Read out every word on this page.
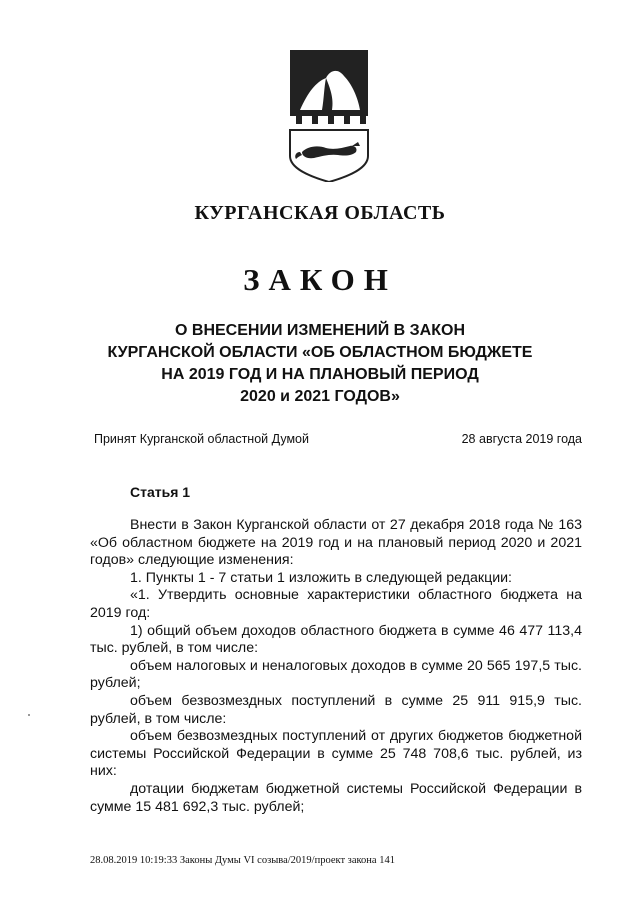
КУРГАНСКАЯ ОБЛАСТЬ
ЗАКОН
О ВНЕСЕНИИ ИЗМЕНЕНИЙ В ЗАКОН
КУРГАНСКОЙ ОБЛАСТИ «ОБ ОБЛАСТНОМ БЮДЖЕТЕ
НА 2019 ГОД И НА ПЛАНОВЫЙ ПЕРИОД
2020 и 2021 ГОДОВ»
Принят Курганской областной Думой	28 августа 2019 года
Статья 1

Внести в Закон Курганской области от 27 декабря 2018 года № 163 «Об областном бюджете на 2019 год и на плановый период 2020 и 2021 годов» следующие изменения:

1. Пункты 1 - 7 статьи 1 изложить в следующей редакции:

«1. Утвердить основные характеристики областного бюджета на 2019 год:

1) общий объем доходов областного бюджета в сумме 46 477 113,4 тыс. рублей, в том числе:

объем налоговых и неналоговых доходов в сумме 20 565 197,5 тыс. рублей;

объем безвозмездных поступлений в сумме 25 911 915,9 тыс. рублей, в том числе:

объем безвозмездных поступлений от других бюджетов бюджетной системы Российской Федерации в сумме 25 748 708,6 тыс. рублей, из них:

дотации бюджетам бюджетной системы Российской Федерации в сумме 15 481 692,3 тыс. рублей;

28.08.2019 10:19:33 Законы Думы VI созыва/2019/проект закона 141
